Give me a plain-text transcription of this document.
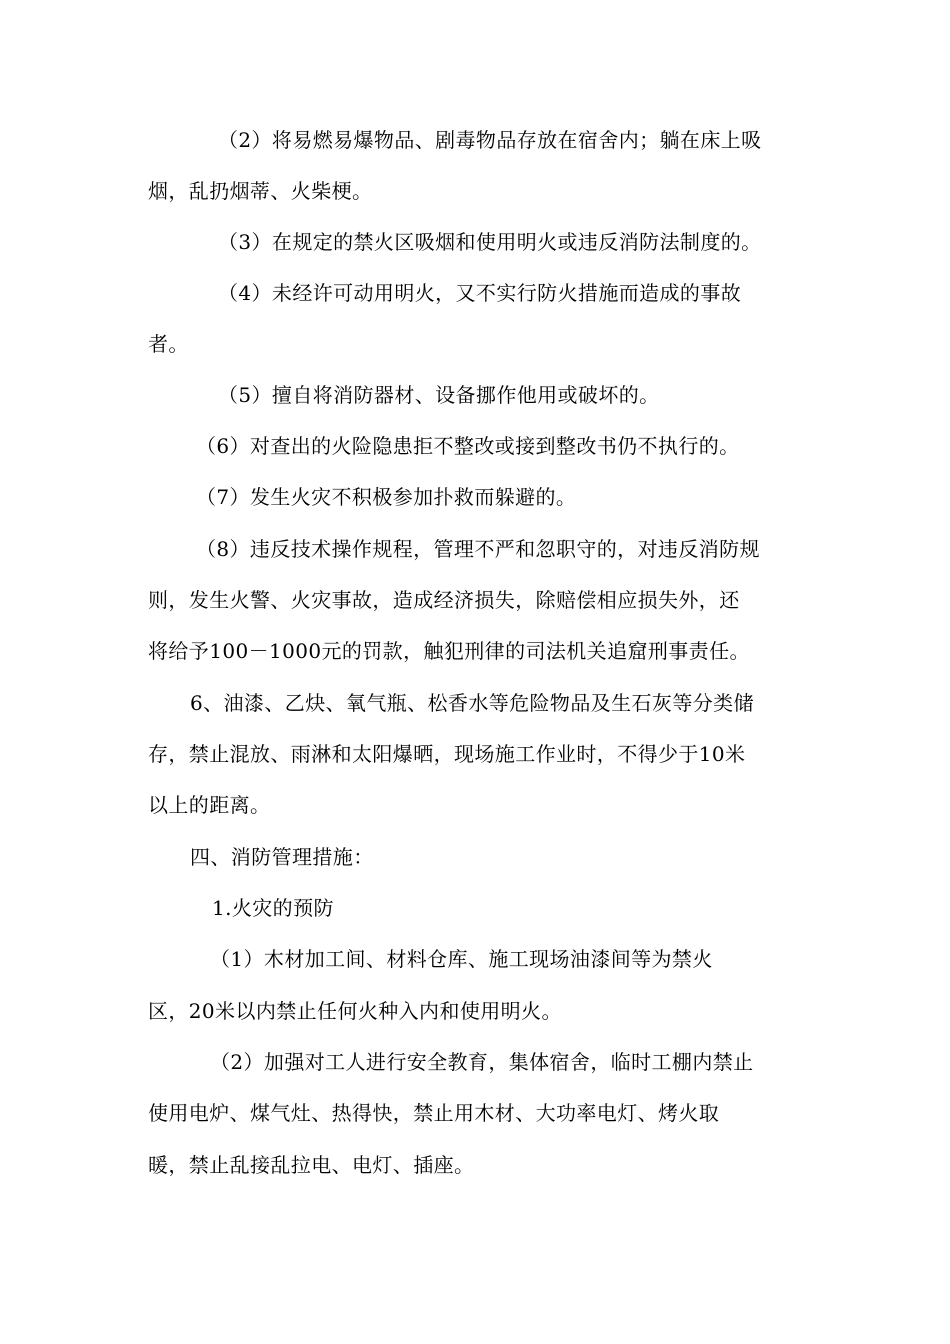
（2）将易燃易爆物品、剧毒物品存放在宿舍内；躺在床上吸
烟，乱扔烟蒂、火柴梗。
（3）在规定的禁火区吸烟和使用明火或违反消防法制度的。
（4）未经许可动用明火，又不实行防火措施而造成的事故
者。
（5）擅自将消防器材、设备挪作他用或破坏的。
（6）对查出的火险隐患拒不整改或接到整改书仍不执行的。
（7）发生火灾不积极参加扑救而躲避的。
（8）违反技术操作规程，管理不严和忽职守的，对违反消防规
则，发生火警、火灾事故，造成经济损失，除赔偿相应损失外，还
将给予100－1000元的罚款，触犯刑律的司法机关追窟刑事责任。
6、油漆、乙炔、氧气瓶、松香水等危险物品及生石灰等分类储
存，禁止混放、雨淋和太阳爆晒，现场施工作业时，不得少于10米
以上的距离。
四、消防管理措施：
1.火灾的预防
（1）木材加工间、材料仓库、施工现场油漆间等为禁火
区，20米以内禁止任何火种入内和使用明火。
（2）加强对工人进行安全教育，集体宿舍，临时工棚内禁止
使用电炉、煤气灶、热得快，禁止用木材、大功率电灯、烤火取
暖，禁止乱接乱拉电、电灯、插座。
